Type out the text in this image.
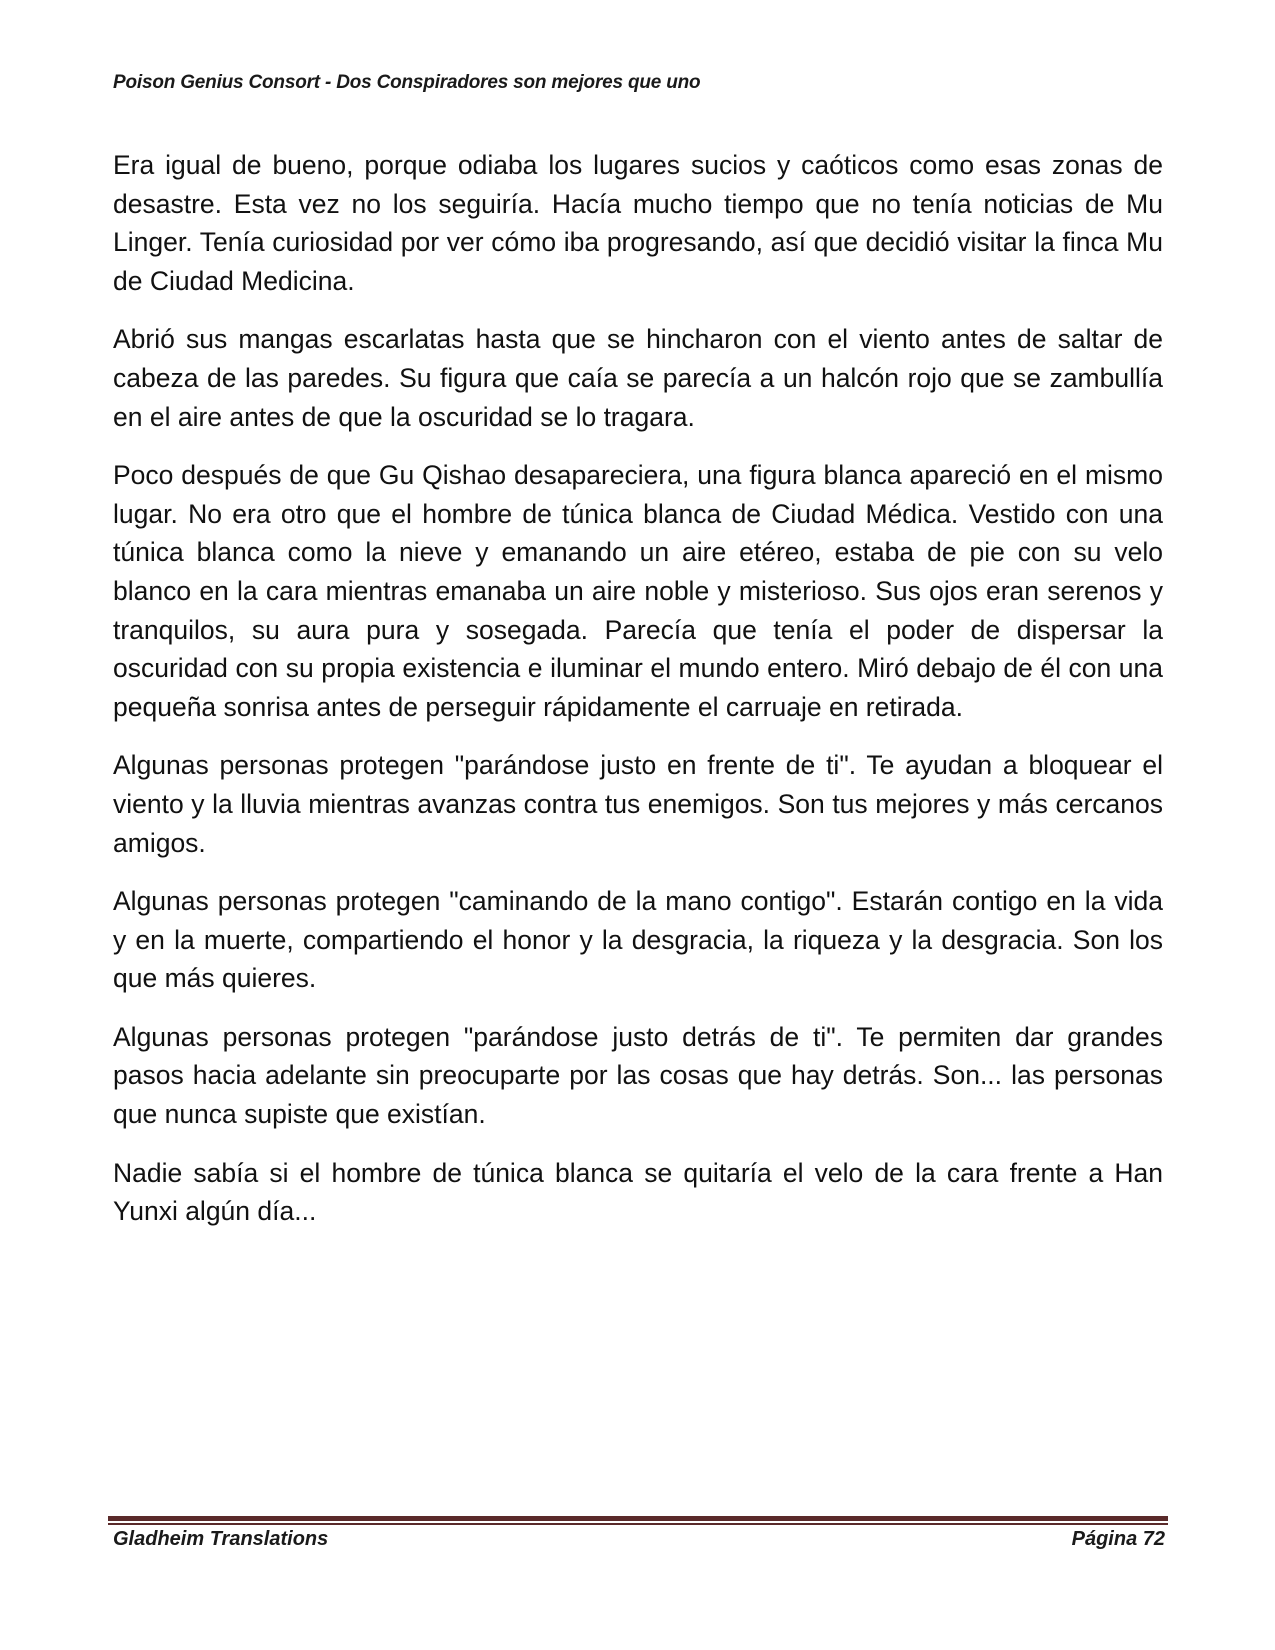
Poison Genius Consort - Dos Conspiradores son mejores que uno

Era igual de bueno, porque odiaba los lugares sucios y caóticos como esas zonas de desastre. Esta vez no los seguiría. Hacía mucho tiempo que no tenía noticias de Mu Linger. Tenía curiosidad por ver cómo iba progresando, así que decidió visitar la finca Mu de Ciudad Medicina.

Abrió sus mangas escarlatas hasta que se hincharon con el viento antes de saltar de cabeza de las paredes. Su figura que caía se parecía a un halcón rojo que se zambullía en el aire antes de que la oscuridad se lo tragara.

Poco después de que Gu Qishao desapareciera, una figura blanca apareció en el mismo lugar. No era otro que el hombre de túnica blanca de Ciudad Médica. Vestido con una túnica blanca como la nieve y emanando un aire etéreo, estaba de pie con su velo blanco en la cara mientras emanaba un aire noble y misterioso. Sus ojos eran serenos y tranquilos, su aura pura y sosegada. Parecía que tenía el poder de dispersar la oscuridad con su propia existencia e iluminar el mundo entero. Miró debajo de él con una pequeña sonrisa antes de perseguir rápidamente el carruaje en retirada.

Algunas personas protegen "parándose justo en frente de ti". Te ayudan a bloquear el viento y la lluvia mientras avanzas contra tus enemigos. Son tus mejores y más cercanos amigos.

Algunas personas protegen "caminando de la mano contigo". Estarán contigo en la vida y en la muerte, compartiendo el honor y la desgracia, la riqueza y la desgracia. Son los que más quieres.

Algunas personas protegen "parándose justo detrás de ti". Te permiten dar grandes pasos hacia adelante sin preocuparte por las cosas que hay detrás. Son... las personas que nunca supiste que existían.

Nadie sabía si el hombre de túnica blanca se quitaría el velo de la cara frente a Han Yunxi algún día...

Gladheim Translations	Página 72
